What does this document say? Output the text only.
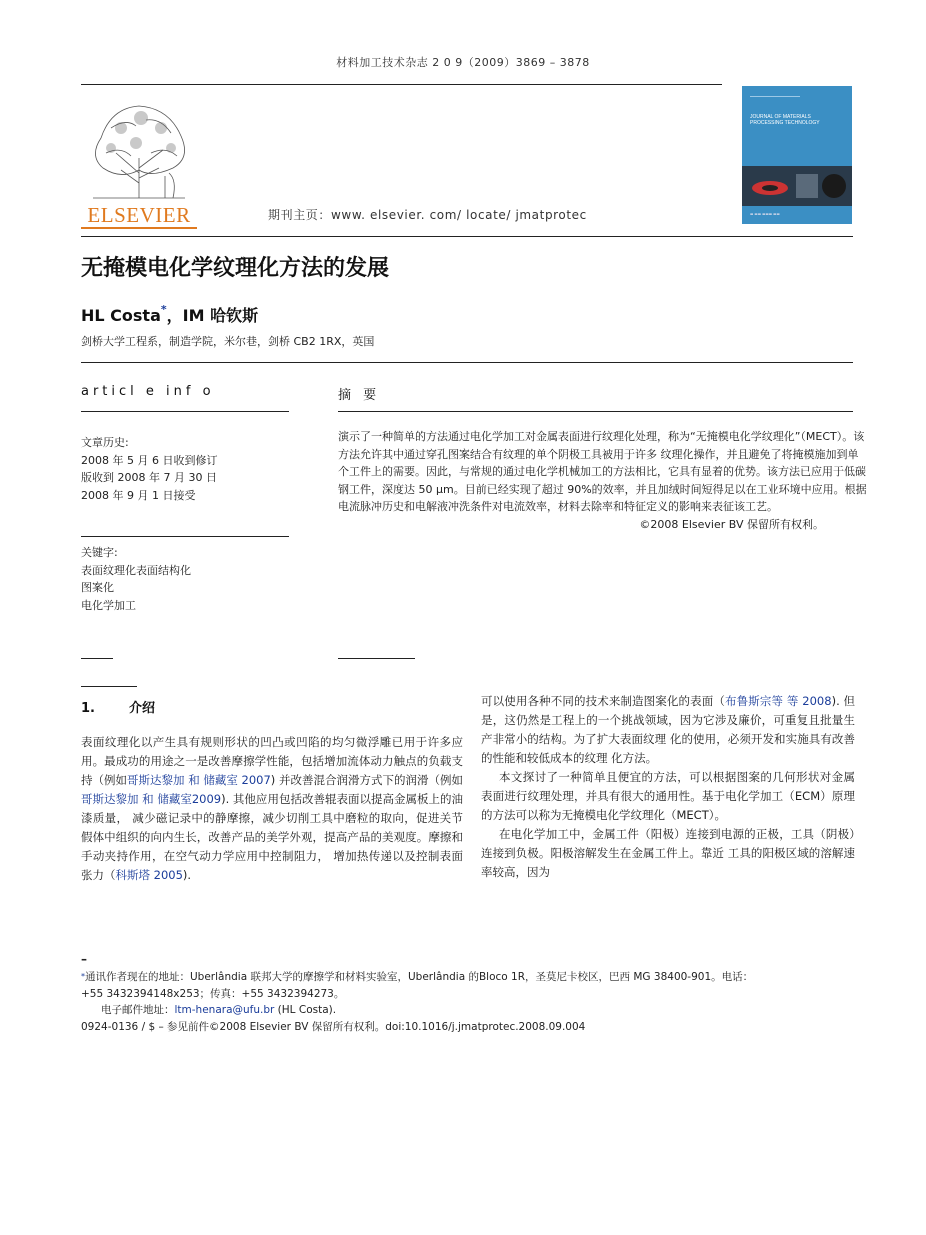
材料加工技术杂志 2 0 9（2009）3869 – 3878
ELSEVIER	期刊主页：www. elsevier. com/ locate/ jmatprotec
JOURNAL OF MATERIALS
PROCESSING TECHNOLOGY
▬ ▬▬ ▬▬▬ ▬▬
无掩模电化学纹理化方法的发展
HL Costa*，IM 哈钦斯
剑桥大学工程系，制造学院，米尔巷，剑桥 CB2 1RX，英国
articl e inf o
文章历史:
2008 年 5 月 6 日收到修订
版收到 2008 年 7 月 30 日
2008 年 9 月 1 日接受
关键字:
表面纹理化表面结构化
图案化
电化学加工
摘 要
演示了一种简单的方法通过电化学加工对金属表面进行纹理化处理，称为“无掩模电化学纹理化”（MECT）。该方法允许其中通过穿孔图案结合有纹理的单个阴极工具被用于许多 纹理化操作，并且避免了将掩模施加到单个工件上的需要。因此，与常规的通过电化学机械加工的方法相比，它具有显着的优势。该方法已应用于低碳钢工件，深度达 50 μm。目前已经实现了超过 90%的效率，并且加绒时间短得足以在工业环境中应用。根据电流脉冲历史和电解液冲洗条件对电流效率，材料去除率和特征定义的影响来表征该工艺。
©2008 Elsevier BV 保留所有权利。
1.	介绍
表面纹理化以产生具有规则形状的凹凸或凹陷的均匀微浮雕已用于许多应用。最成功的用途之一是改善摩擦学性能，包括增加流体动力触点的负载支持（例如哥斯达黎加 和 储藏室 2007) 并改善混合润滑方式下的润滑（例如哥斯达黎加 和 储藏室2009). 其他应用包括改善辊表面以提高金属板上的油漆质量， 减少磁记录中的静摩擦，减少切削工具中磨粒的取向，促进关节假体中组织的向内生长，改善产品的美学外观，提高产品的美观度。摩擦和手动夹持作用，在空气动力学应用中控制阻力， 增加热传递以及控制表面张力（科斯塔 2005).
可以使用各种不同的技术来制造图案化的表面（布鲁斯宗等 等 2008). 但是，这仍然是工程上的一个挑战领域，因为它涉及廉价，可重复且批量生产非常小的结构。为了扩大表面纹理 化的使用，必须开发和实施具有改善的性能和较低成本的纹理 化方法。
本文探讨了一种简单且便宜的方法，可以根据图案的几何形状对金属表面进行纹理处理，并具有很大的通用性。基于电化学加工（ECM）原理的方法可以称为无掩模电化学纹理化（MECT）。
在电化学加工中，金属工件（阳极）连接到电源的正极，工具（阴极）连接到负极。阳极溶解发生在金属工件上。靠近 工具的阳极区域的溶解速率较高，因为
–
*通讯作者现在的地址：Uberlândia 联邦大学的摩擦学和材料实验室，Uberlândia 的Bloco 1R，圣莫尼卡校区，巴西 MG 38400-901。电话：
+55 3432394148x253；传真：+55 3432394273。
电子邮件地址：ltm-henara@ufu.br (HL Costa).
0924-0136 / $ – 参见前件©2008 Elsevier BV 保留所有权利。doi:10.1016/j.jmatprotec.2008.09.004
